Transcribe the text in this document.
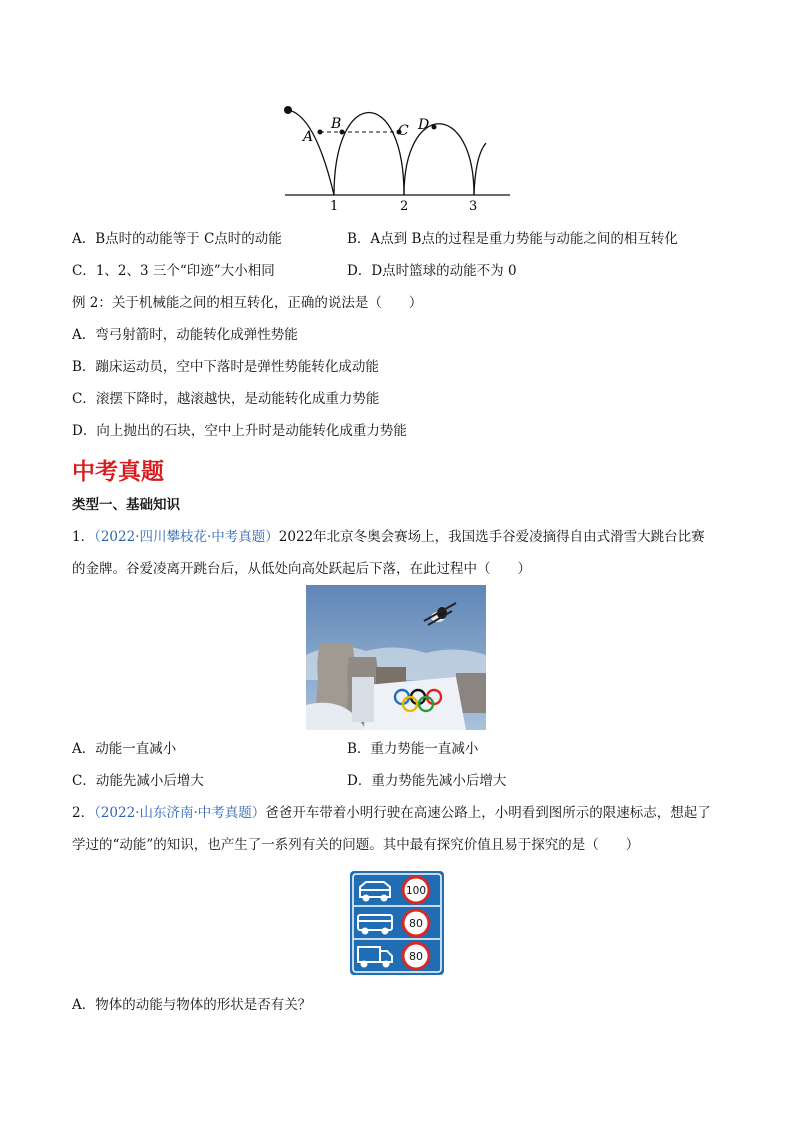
A
B	C D
1	2	3
A．B点时的动能等于 C点时的动能	B．A点到 B点的过程是重力势能与动能之间的相互转化
C．1、2、3 三个“印迹”大小相同	D．D点时篮球的动能不为 0
例 2：关于机械能之间的相互转化，正确的说法是（　　）
A．弯弓射箭时，动能转化成弹性势能
B．蹦床运动员，空中下落时是弹性势能转化成动能
C．滚摆下降时，越滚越快，是动能转化成重力势能
D．向上抛出的石块，空中上升时是动能转化成重力势能
中考真题
类型一、基础知识
1．（2022·四川攀枝花·中考真题）2022年北京冬奥会赛场上，我国选手谷爱凌摘得自由式滑雪大跳台比赛
的金牌。谷爱凌离开跳台后，从低处向高处跃起后下落，在此过程中（　　）
A．动能一直减小	B．重力势能一直减小
C．动能先减小后增大	D．重力势能先减小后增大
2．（2022·山东济南·中考真题）爸爸开车带着小明行驶在高速公路上，小明看到图所示的限速标志，想起了
学过的“动能”的知识，也产生了一系列有关的问题。其中最有探究价值且易于探究的是（　　）
100
80
80
A．物体的动能与物体的形状是否有关？
